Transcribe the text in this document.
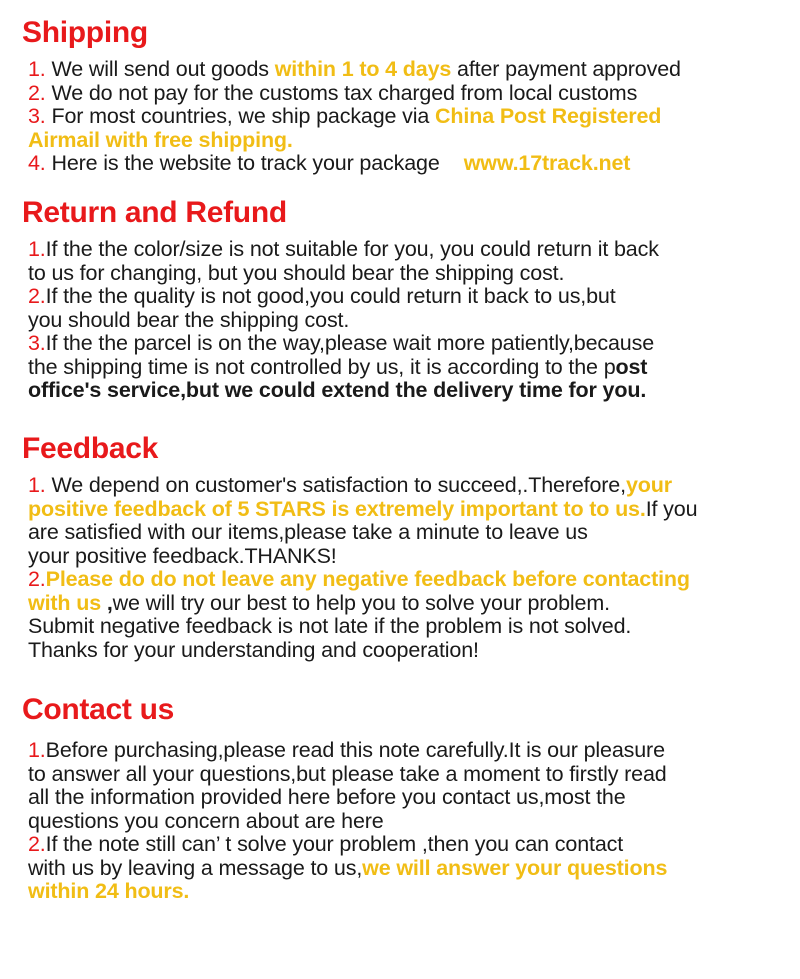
Shipping
1. We will send out goods within 1 to 4 days after payment approved
2. We do not pay for the customs tax charged from local customs
3. For most countries, we ship package via China Post Registered
Airmail with free shipping.
4. Here is the website to track your package www.17track.net
Return and Refund
1.If the the color/size is not suitable for you, you could return it back
to us for changing, but you should bear the shipping cost.
2.If the the quality is not good,you could return it back to us,but
you should bear the shipping cost.
3.If the the parcel is on the way,please wait more patiently,because
the shipping time is not controlled by us, it is according to the post
office's service,but we could extend the delivery time for you.
Feedback
1. We depend on customer's satisfaction to succeed,.Therefore,your
positive feedback of 5 STARS is extremely important to to us.If you
are satisfied with our items,please take a minute to leave us
your positive feedback.THANKS!
2.Please do do not leave any negative feedback before contacting
with us ,we will try our best to help you to solve your problem.
Submit negative feedback is not late if the problem is not solved.
Thanks for your understanding and cooperation!
Contact us
1.Before purchasing,please read this note carefully.It is our pleasure
to answer all your questions,but please take a moment to firstly read
all the information provided here before you contact us,most the
questions you concern about are here
2.If the note still can’ t solve your problem ,then you can contact
with us by leaving a message to us,we will answer your questions
within 24 hours.
